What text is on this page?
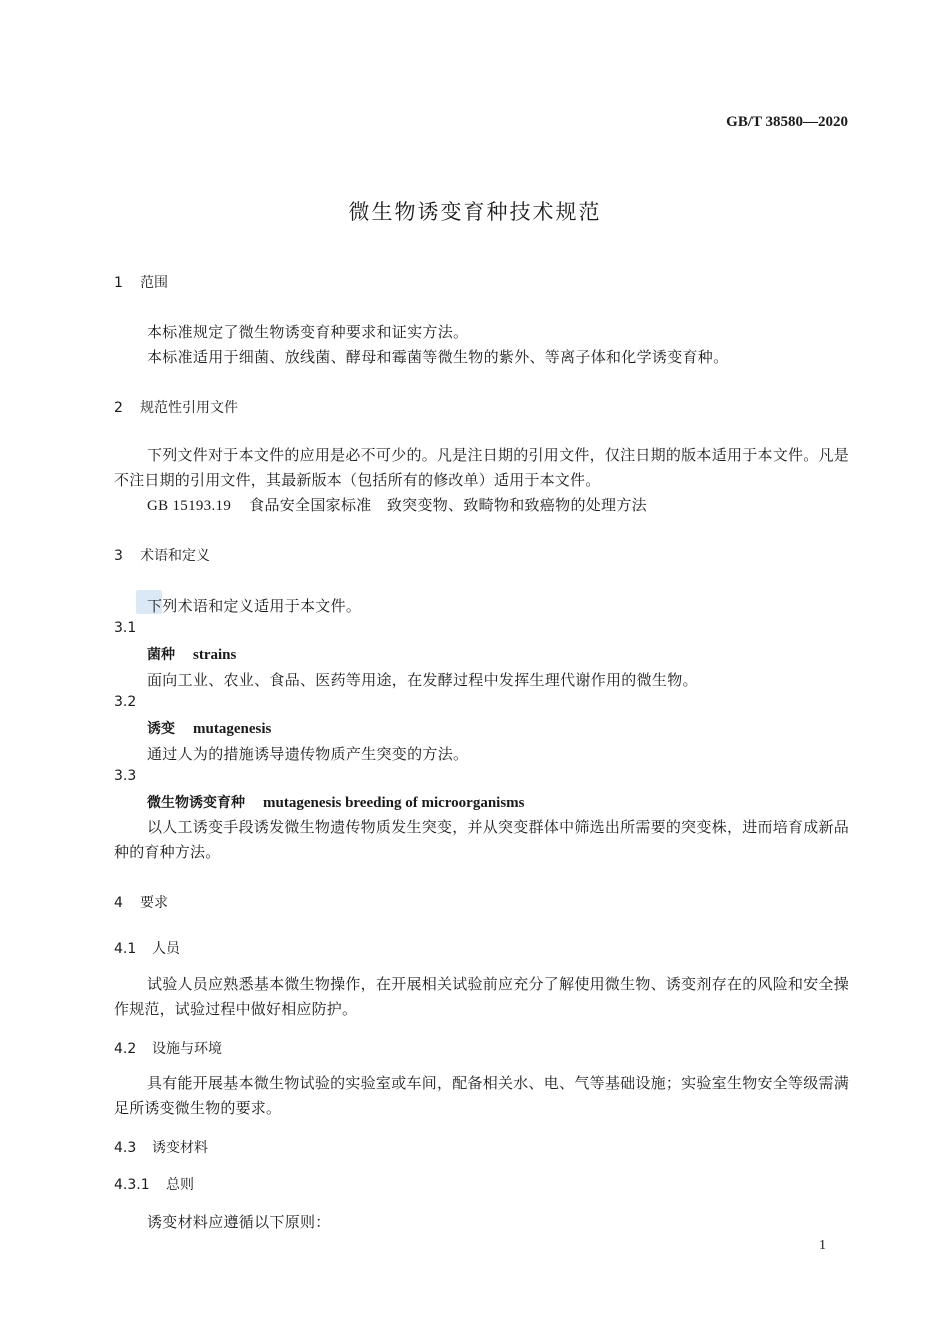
GB/T 38580—2020
微生物诱变育种技术规范
1 范围
本标准规定了微生物诱变育种要求和证实方法。
本标准适用于细菌、放线菌、酵母和霉菌等微生物的紫外、等离子体和化学诱变育种。
2 规范性引用文件
下列文件对于本文件的应用是必不可少的。凡是注日期的引用文件，仅注日期的版本适用于本文件。凡是不注日期的引用文件，其最新版本（包括所有的修改单）适用于本文件。
GB 15193.19 食品安全国家标准　致突变物、致畸物和致癌物的处理方法
3 术语和定义
下列术语和定义适用于本文件。
3.1
菌种 strains
面向工业、农业、食品、医药等用途，在发酵过程中发挥生理代谢作用的微生物。
3.2
诱变 mutagenesis
通过人为的措施诱导遗传物质产生突变的方法。
3.3
微生物诱变育种 mutagenesis breeding of microorganisms
以人工诱变手段诱发微生物遗传物质发生突变，并从突变群体中筛选出所需要的突变株，进而培育成新品种的育种方法。
4 要求
4.1 人员
试验人员应熟悉基本微生物操作，在开展相关试验前应充分了解使用微生物、诱变剂存在的风险和安全操作规范，试验过程中做好相应防护。
4.2 设施与环境
具有能开展基本微生物试验的实验室或车间，配备相关水、电、气等基础设施；实验室生物安全等级需满足所诱变微生物的要求。
4.3 诱变材料
4.3.1 总则
诱变材料应遵循以下原则：
1
